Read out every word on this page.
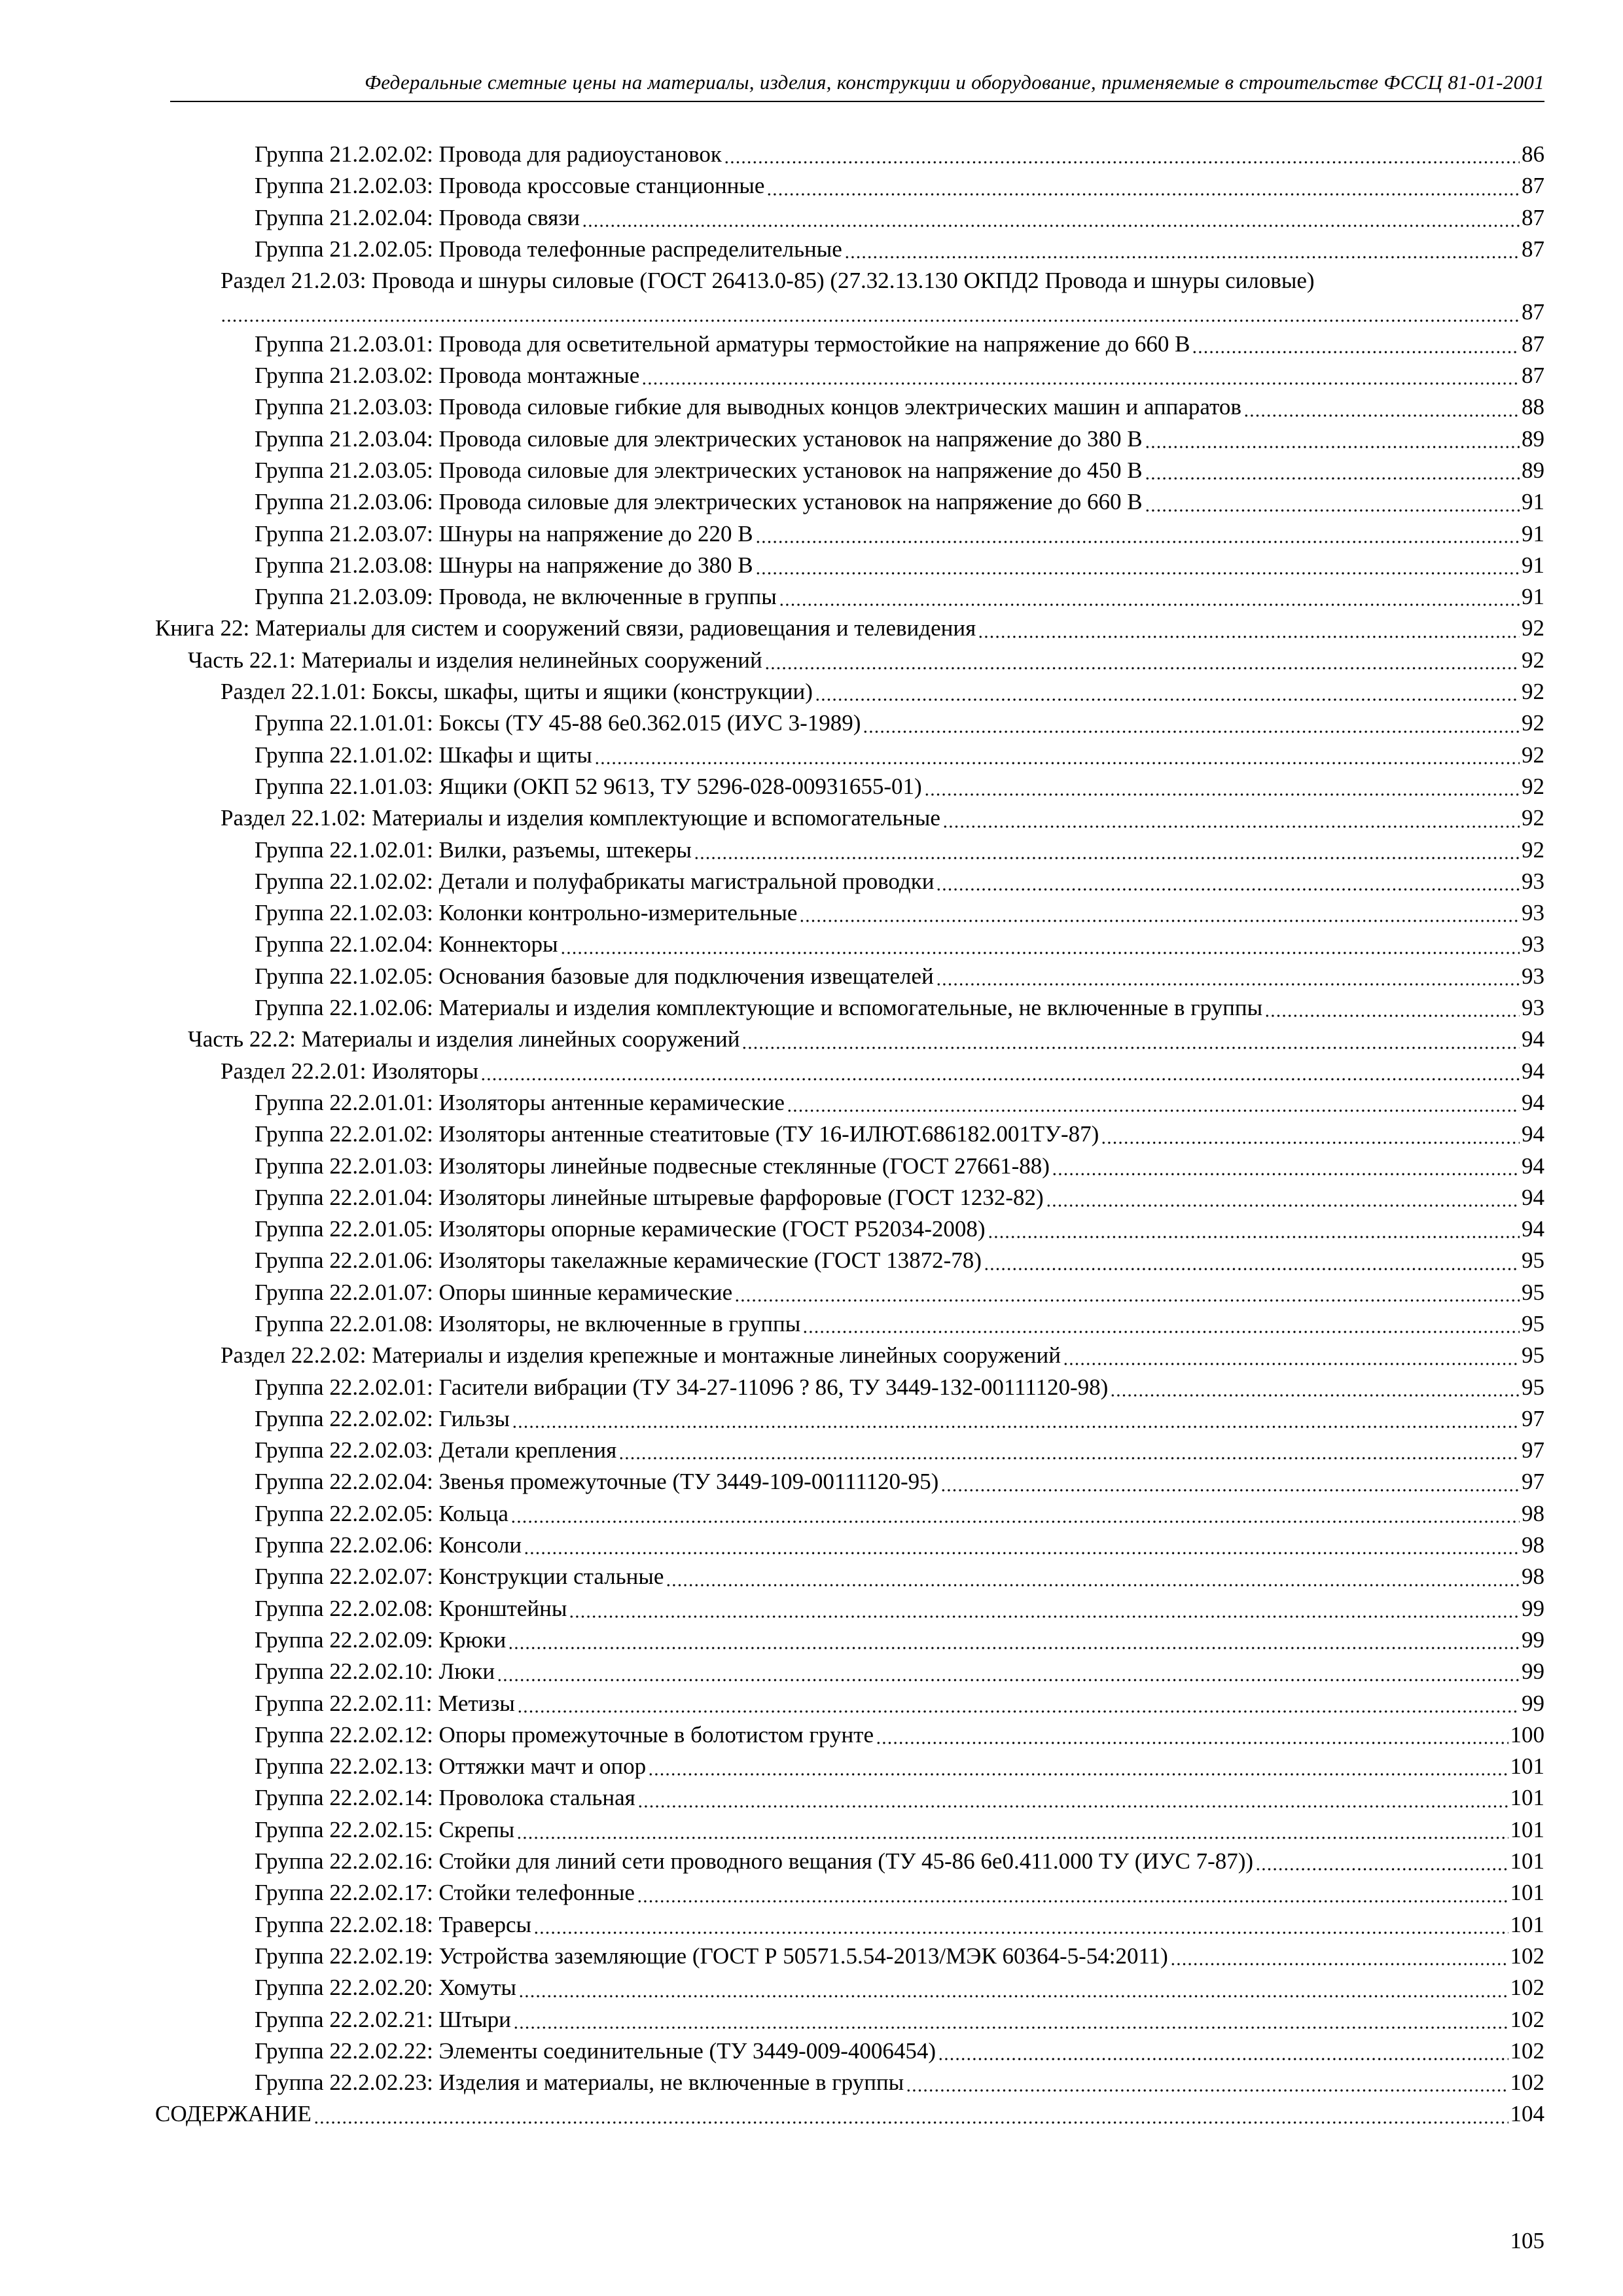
Федеральные сметные цены на материалы, изделия, конструкции и оборудование, применяемые в строительстве ФССЦ 81-01-2001
Группа 21.2.02.02: Провода для радиоустановок	86
Группа 21.2.02.03: Провода кроссовые станционные	87
Группа 21.2.02.04: Провода связи	87
Группа 21.2.02.05: Провода телефонные распределительные	87
Раздел 21.2.03: Провода и шнуры силовые (ГОСТ 26413.0-85) (27.32.13.130 ОКПД2 Провода и шнуры силовые)
87
Группа 21.2.03.01: Провода для осветительной арматуры термостойкие на напряжение до 660 В	87
Группа 21.2.03.02: Провода монтажные	87
Группа 21.2.03.03: Провода силовые гибкие для выводных концов электрических машин и аппаратов	88
Группа 21.2.03.04: Провода силовые для электрических установок на напряжение до 380 В	89
Группа 21.2.03.05: Провода силовые для электрических установок на напряжение до 450 В	89
Группа 21.2.03.06: Провода силовые для электрических установок на напряжение до 660 В	91
Группа 21.2.03.07: Шнуры на напряжение до 220 В	91
Группа 21.2.03.08: Шнуры на напряжение до 380 В	91
Группа 21.2.03.09: Провода, не включенные в группы	91
Книга 22: Материалы для систем и сооружений связи, радиовещания и телевидения	92
Часть 22.1: Материалы и изделия нелинейных сооружений	92
Раздел 22.1.01: Боксы, шкафы, щиты и ящики (конструкции)	92
Группа 22.1.01.01: Боксы (ТУ 45-88 6е0.362.015 (ИУС 3-1989)	92
Группа 22.1.01.02: Шкафы и щиты	92
Группа 22.1.01.03: Ящики (ОКП 52 9613, ТУ 5296-028-00931655-01)	92
Раздел 22.1.02: Материалы и изделия комплектующие и вспомогательные	92
Группа 22.1.02.01: Вилки, разъемы, штекеры	92
Группа 22.1.02.02: Детали и полуфабрикаты магистральной проводки	93
Группа 22.1.02.03: Колонки контрольно-измерительные	93
Группа 22.1.02.04: Коннекторы	93
Группа 22.1.02.05: Основания базовые для подключения извещателей	93
Группа 22.1.02.06: Материалы и изделия комплектующие и вспомогательные, не включенные в группы	93
Часть 22.2: Материалы и изделия линейных сооружений	94
Раздел 22.2.01: Изоляторы	94
Группа 22.2.01.01: Изоляторы антенные керамические	94
Группа 22.2.01.02: Изоляторы антенные стеатитовые (ТУ 16-ИЛЮТ.686182.001ТУ-87)	94
Группа 22.2.01.03: Изоляторы линейные подвесные стеклянные (ГОСТ 27661-88)	94
Группа 22.2.01.04: Изоляторы линейные штыревые фарфоровые (ГОСТ 1232-82)	94
Группа 22.2.01.05: Изоляторы опорные керамические (ГОСТ Р52034-2008)	94
Группа 22.2.01.06: Изоляторы такелажные керамические (ГОСТ 13872-78)	95
Группа 22.2.01.07: Опоры шинные керамические	95
Группа 22.2.01.08: Изоляторы, не включенные в группы	95
Раздел 22.2.02: Материалы и изделия крепежные и монтажные линейных сооружений	95
Группа 22.2.02.01: Гасители вибрации (ТУ 34-27-11096 ? 86, ТУ 3449-132-00111120-98)	95
Группа 22.2.02.02: Гильзы	97
Группа 22.2.02.03: Детали крепления	97
Группа 22.2.02.04: Звенья промежуточные (ТУ 3449-109-00111120-95)	97
Группа 22.2.02.05: Кольца	98
Группа 22.2.02.06: Консоли	98
Группа 22.2.02.07: Конструкции стальные	98
Группа 22.2.02.08: Кронштейны	99
Группа 22.2.02.09: Крюки	99
Группа 22.2.02.10: Люки	99
Группа 22.2.02.11: Метизы	99
Группа 22.2.02.12: Опоры промежуточные в болотистом грунте	100
Группа 22.2.02.13: Оттяжки мачт и опор	101
Группа 22.2.02.14: Проволока стальная	101
Группа 22.2.02.15: Скрепы	101
Группа 22.2.02.16: Стойки для линий сети проводного вещания (ТУ 45-86 6е0.411.000 ТУ (ИУС 7-87))	101
Группа 22.2.02.17: Стойки телефонные	101
Группа 22.2.02.18: Траверсы	101
Группа 22.2.02.19: Устройства заземляющие (ГОСТ Р 50571.5.54-2013/МЭК 60364-5-54:2011)	102
Группа 22.2.02.20: Хомуты	102
Группа 22.2.02.21: Штыри	102
Группа 22.2.02.22: Элементы соединительные (ТУ 3449-009-4006454)	102
Группа 22.2.02.23: Изделия и материалы, не включенные в группы	102
СОДЕРЖАНИЕ	104
105
